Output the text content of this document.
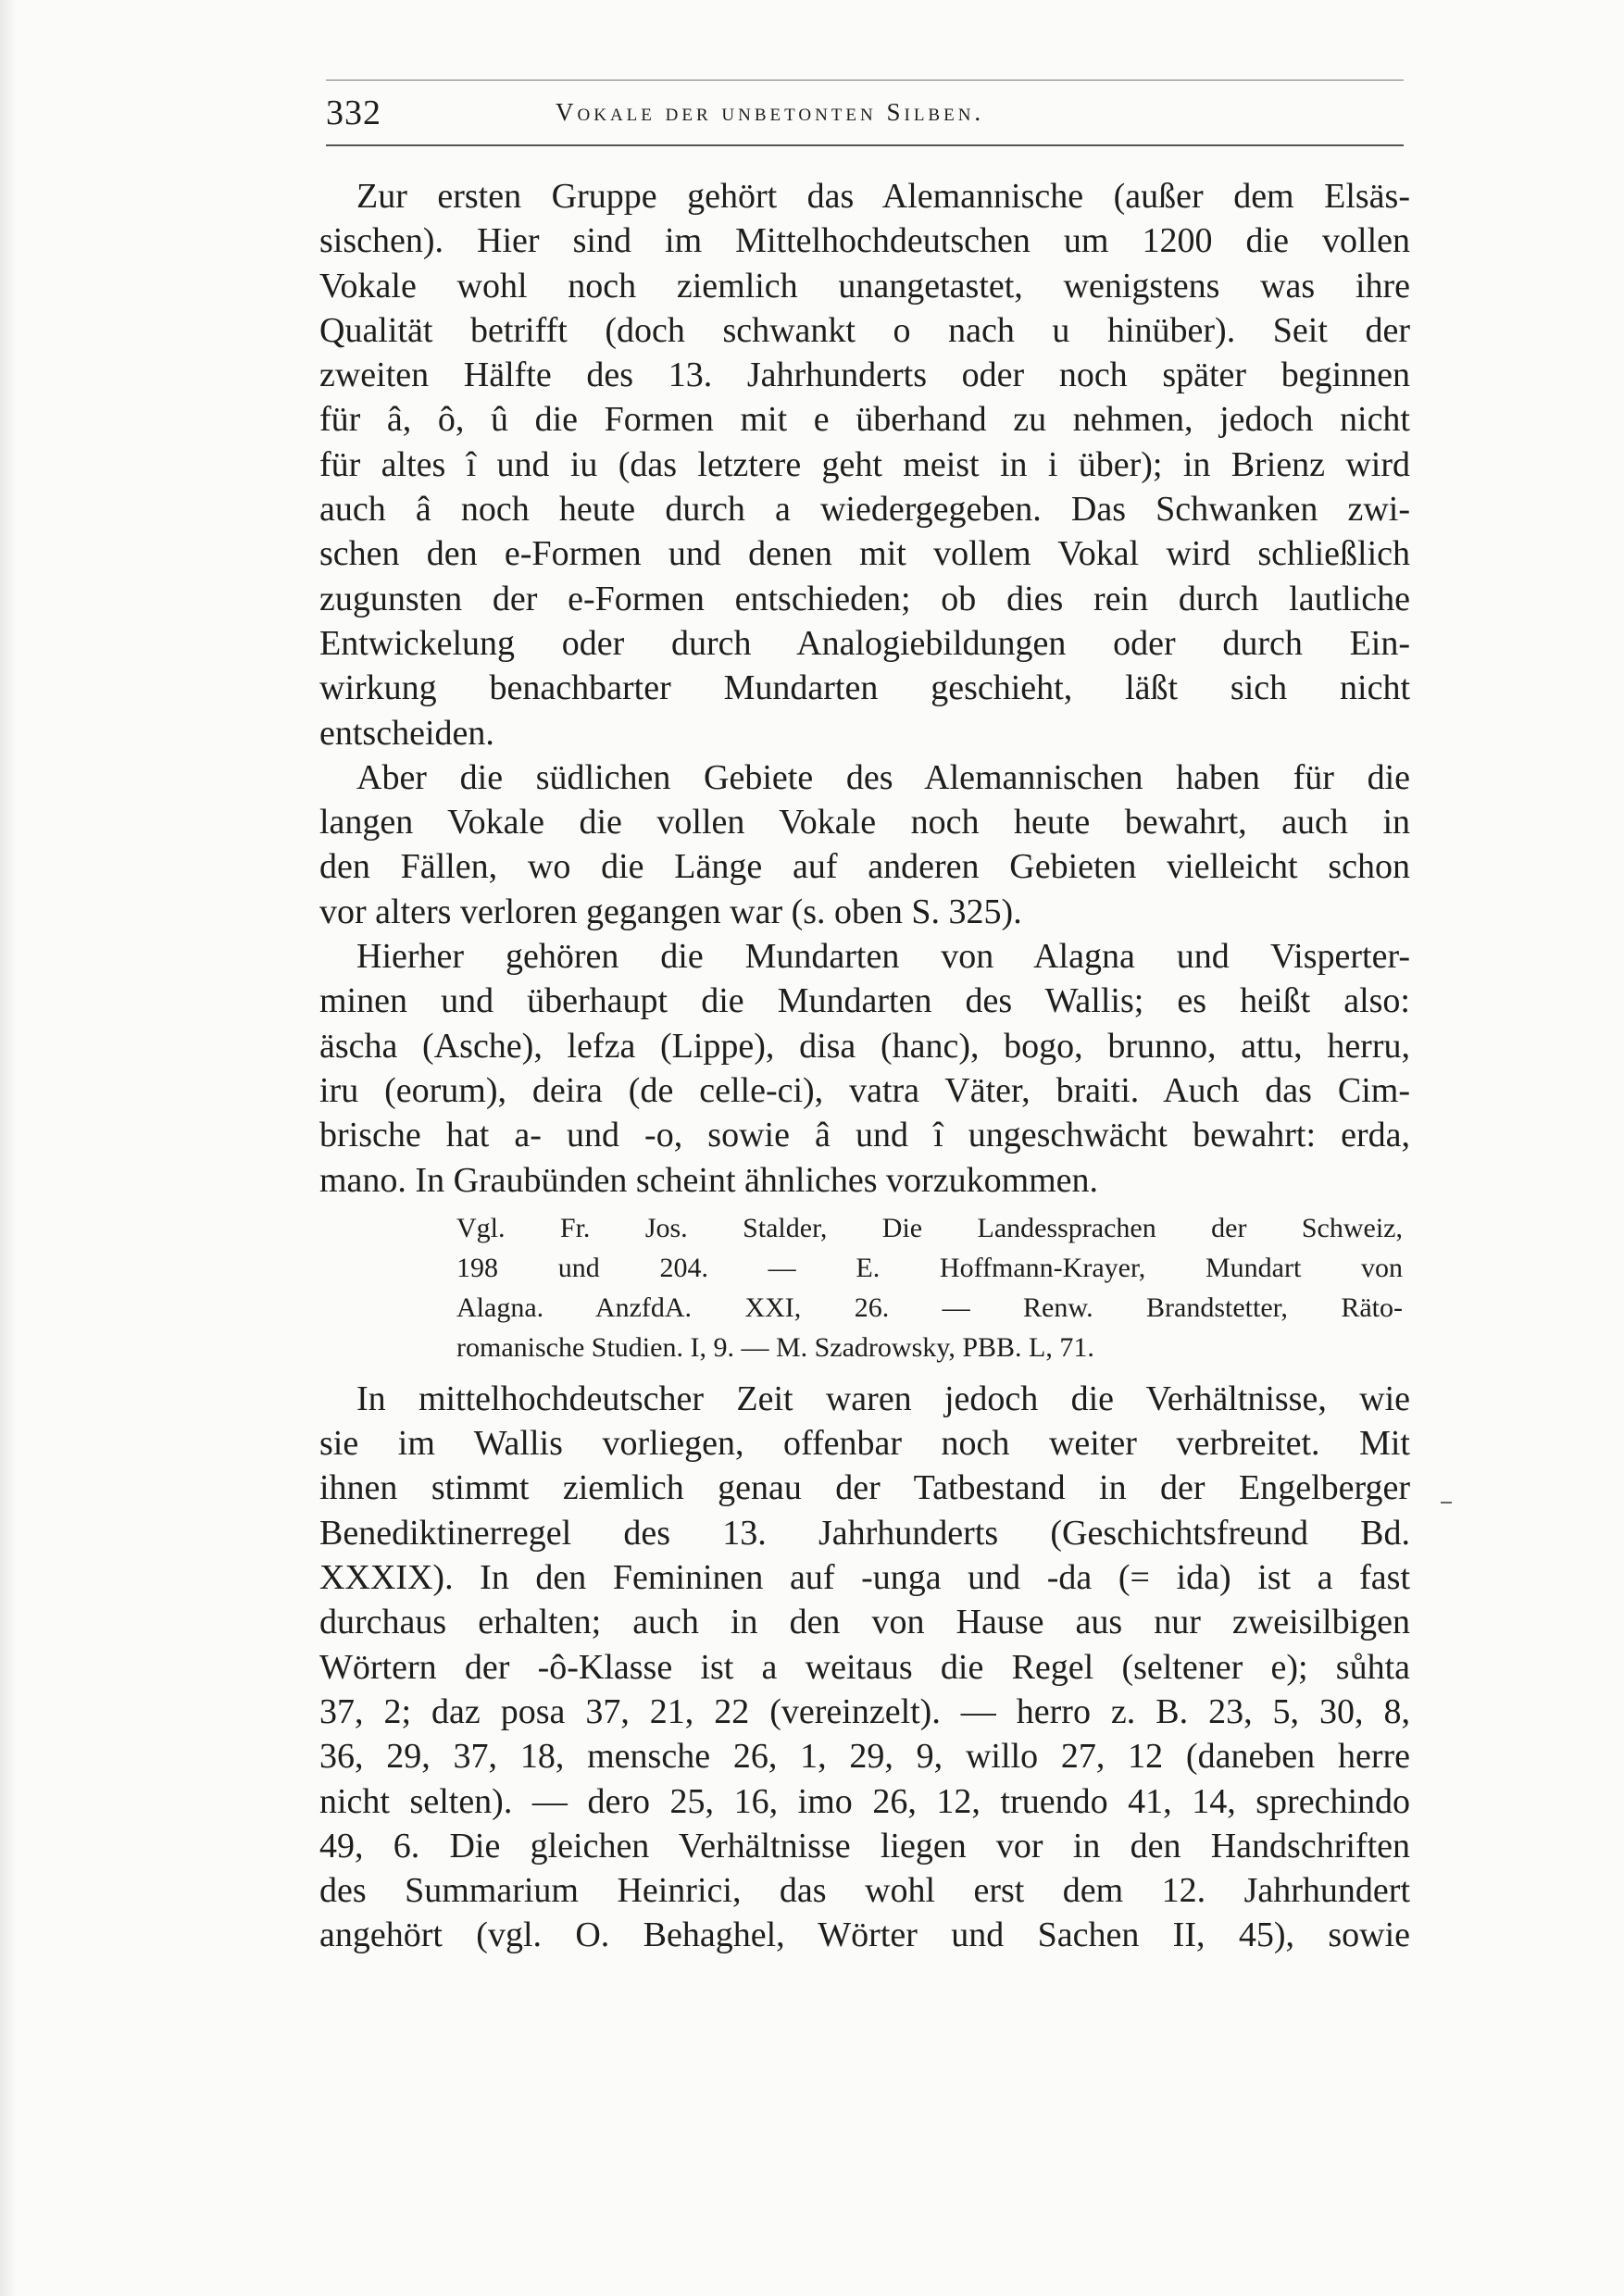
332	Vokale der unbetonten Silben.
Zur ersten Gruppe gehört das Alemannische (außer dem Elsäs-
sischen). Hier sind im Mittelhochdeutschen um 1200 die vollen
Vokale wohl noch ziemlich unangetastet, wenigstens was ihre
Qualität betrifft (doch schwankt o nach u hinüber). Seit der
zweiten Hälfte des 13. Jahrhunderts oder noch später beginnen
für â, ô, û die Formen mit e überhand zu nehmen, jedoch nicht
für altes î und iu (das letztere geht meist in i über); in Brienz wird
auch â noch heute durch a wiedergegeben. Das Schwanken zwi-
schen den e-Formen und denen mit vollem Vokal wird schließlich
zugunsten der e-Formen entschieden; ob dies rein durch lautliche
Entwickelung oder durch Analogiebildungen oder durch Ein-
wirkung benachbarter Mundarten geschieht, läßt sich nicht
entscheiden.
Aber die südlichen Gebiete des Alemannischen haben für die
langen Vokale die vollen Vokale noch heute bewahrt, auch in
den Fällen, wo die Länge auf anderen Gebieten vielleicht schon
vor alters verloren gegangen war (s. oben S. 325).
Hierher gehören die Mundarten von Alagna und Visperter-
minen und überhaupt die Mundarten des Wallis; es heißt also:
äscha (Asche), lefza (Lippe), disa (hanc), bogo, brunno, attu, herru,
iru (eorum), deira (de celle-ci), vatra Väter, braiti. Auch das Cim-
brische hat a- und -o, sowie â und î ungeschwächt bewahrt: erda,
mano. In Graubünden scheint ähnliches vorzukommen.
Vgl. Fr. Jos. Stalder, Die Landessprachen der Schweiz,
198 und 204. — E. Hoffmann-Krayer, Mundart von
Alagna. AnzfdA. XXI, 26. — Renw. Brandstetter, Räto-
romanische Studien. I, 9. — M. Szadrowsky, PBB. L, 71.
In mittelhochdeutscher Zeit waren jedoch die Verhältnisse, wie
sie im Wallis vorliegen, offenbar noch weiter verbreitet. Mit
ihnen stimmt ziemlich genau der Tatbestand in der Engelberger
Benediktinerregel des 13. Jahrhunderts (Geschichtsfreund Bd.
XXXIX). In den Femininen auf -unga und -da (= ida) ist a fast
durchaus erhalten; auch in den von Hause aus nur zweisilbigen
Wörtern der -ô-Klasse ist a weitaus die Regel (seltener e); sůhta
37, 2; daz posa 37, 21, 22 (vereinzelt). — herro z. B. 23, 5, 30, 8,
36, 29, 37, 18, mensche 26, 1, 29, 9, willo 27, 12 (daneben herre
nicht selten). — dero 25, 16, imo 26, 12, truendo 41, 14, sprechindo
49, 6. Die gleichen Verhältnisse liegen vor in den Handschriften
des Summarium Heinrici, das wohl erst dem 12. Jahrhundert
angehört (vgl. O. Behaghel, Wörter und Sachen II, 45), sowie
